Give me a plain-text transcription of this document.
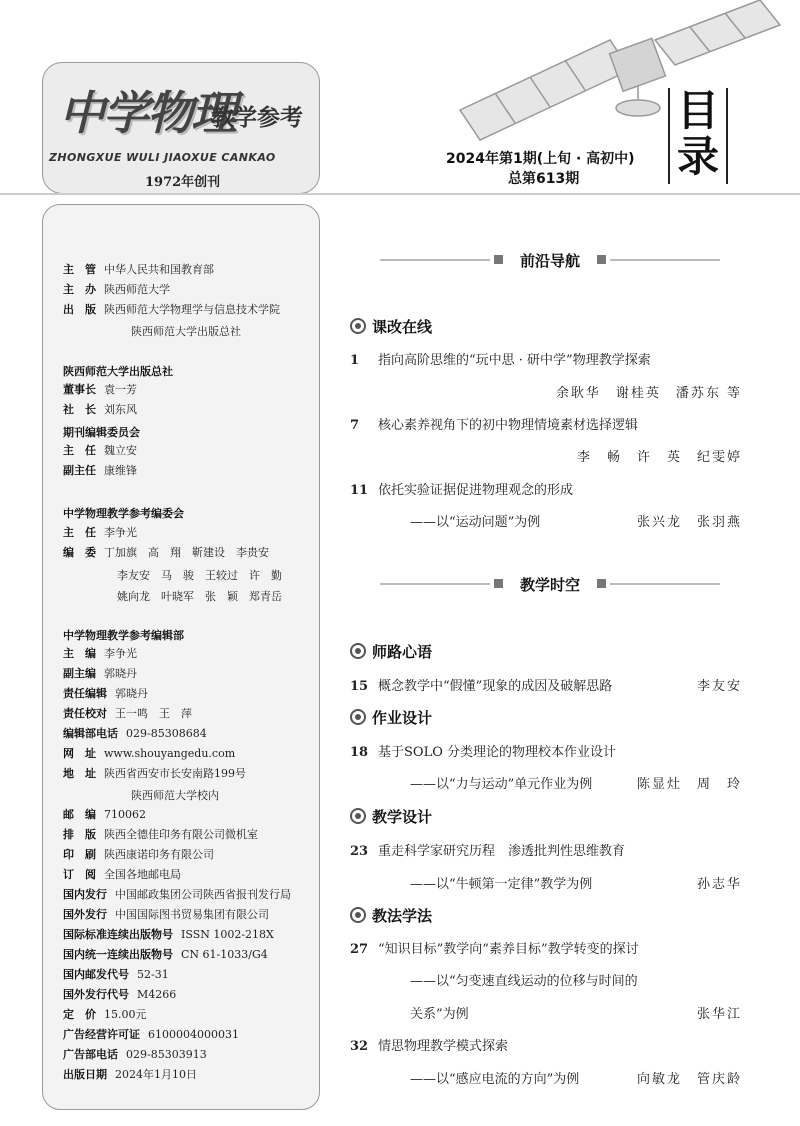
中学物理
教学参考
ZHONGXUE WULI JIAOXUE CANKAO
1972年创刊
2024年第1期(上旬 · 高初中)
总第613期
目
录
主　管 中华人民共和国教育部
主　办 陕西师范大学
出　版 陕西师范大学物理学与信息技术学院
陕西师范大学出版总社
陕西师范大学出版总社
董事长 袁一芳
社　长 刘东风
期刊编辑委员会
主　任 魏立安
副主任 康维锋
中学物理教学参考编委会
主　任 李争光
编　委 丁加旗　高　翔　靳建设　李贵安
李友安　马　骏　王较过　许　勤
姚向龙　叶晓军　张　颖　郑青岳
中学物理教学参考编辑部
主　编 李争光
副主编 郭晓丹
责任编辑 郭晓丹
责任校对 王一鸣　王　萍
编辑部电话 029-85308684
网　址 www.shouyangedu.com
地　址 陕西省西安市长安南路199号
陕西师范大学校内
邮　编 710062
排　版 陕西全德佳印务有限公司微机室
印　刷 陕西康诺印务有限公司
订　阅 全国各地邮电局
国内发行 中国邮政集团公司陕西省报刊发行局
国外发行 中国国际图书贸易集团有限公司
国际标准连续出版物号 ISSN 1002-218X
国内统一连续出版物号 CN 61-1033/G4
国内邮发代号 52-31
国外发行代号 M4266
定　价 15.00元
广告经营许可证 6100004000031
广告部电话 029-85303913
出版日期 2024年1月10日
前沿导航
课改在线
1 指向高阶思维的“玩中思 · 研中学”物理教学探索
余耿华　谢桂英　潘苏东 等
7 核心素养视角下的初中物理情境素材选择逻辑
李　畅　许　英　纪雯婷
11 依托实验证据促进物理观念的形成
——以“运动问题”为例	张兴龙　张羽燕
教学时空
师路心语
15 概念教学中“假懂”现象的成因及破解思路	李友安
作业设计
18 基于SOLO 分类理论的物理校本作业设计
——以“力与运动”单元作业为例	陈显灶　周　玲
教学设计
23 重走科学家研究历程　渗透批判性思维教育
——以“牛顿第一定律”教学为例	孙志华
教法学法
27 “知识目标”教学向“素养目标”教学转变的探讨
——以“匀变速直线运动的位移与时间的
关系”为例	张华江
32 情思物理教学模式探索
——以“感应电流的方向”为例	向敏龙　管庆龄
